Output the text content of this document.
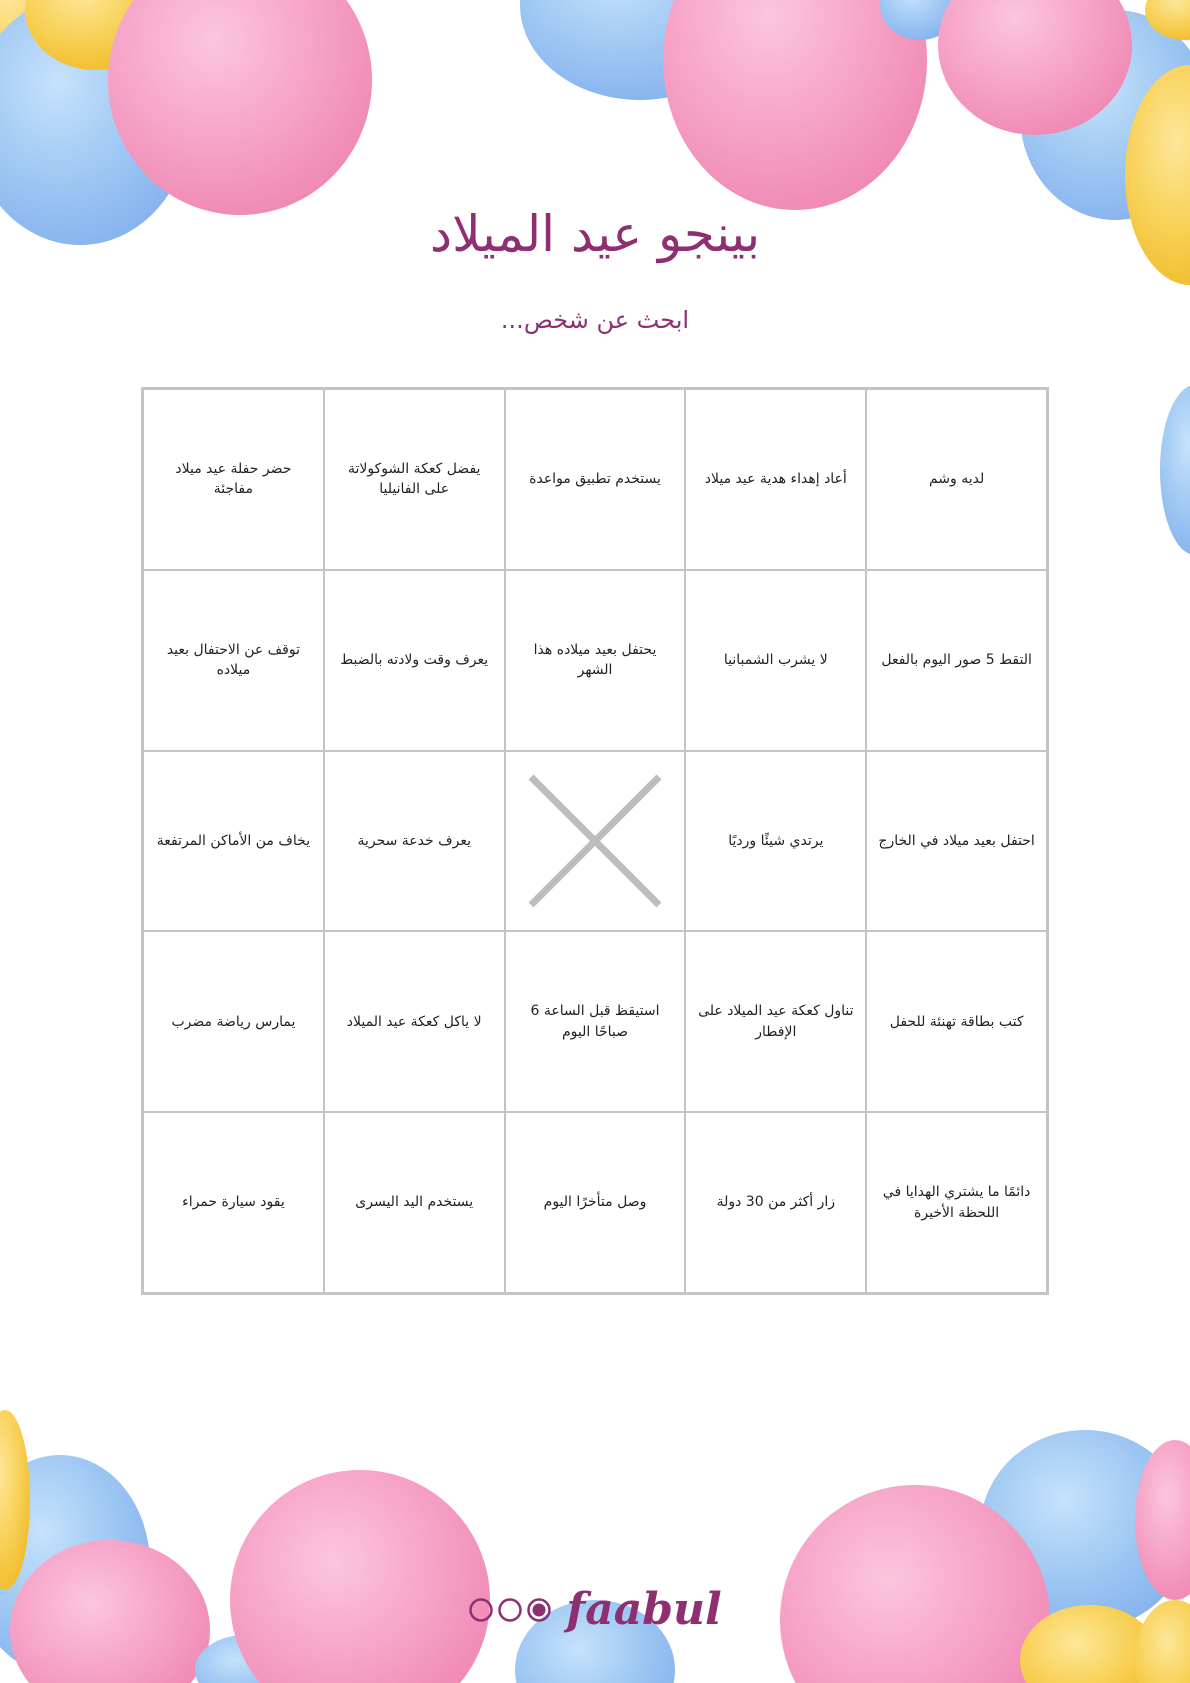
بينجو عيد الميلاد
...ابحث عن شخص
لديه وشم
أعاد إهداء هدية عيد ميلاد
يستخدم تطبيق مواعدة
يفضل كعكة الشوكولاتة على الفانيليا
حضر حفلة عيد ميلاد مفاجئة
التقط 5 صور اليوم بالفعل
لا يشرب الشمبانيا
يحتفل بعيد ميلاده هذا الشهر
يعرف وقت ولادته بالضبط
توقف عن الاحتفال بعيد ميلاده
احتفل بعيد ميلاد في الخارج
يرتدي شيئًا ورديًا
يعرف خدعة سحرية
يخاف من الأماكن المرتفعة
كتب بطاقة تهنئة للحفل
تناول كعكة عيد الميلاد على الإفطار
استيقظ قبل الساعة 6 صباحًا اليوم
لا ياكل كعكة عيد الميلاد
يمارس رياضة مضرب
دائمًا ما يشتري الهدايا في اللحظة الأخيرة
زار أكثر من 30 دولة
وصل متأخرًا اليوم
يستخدم اليد اليسرى
يقود سيارة حمراء
faabul
